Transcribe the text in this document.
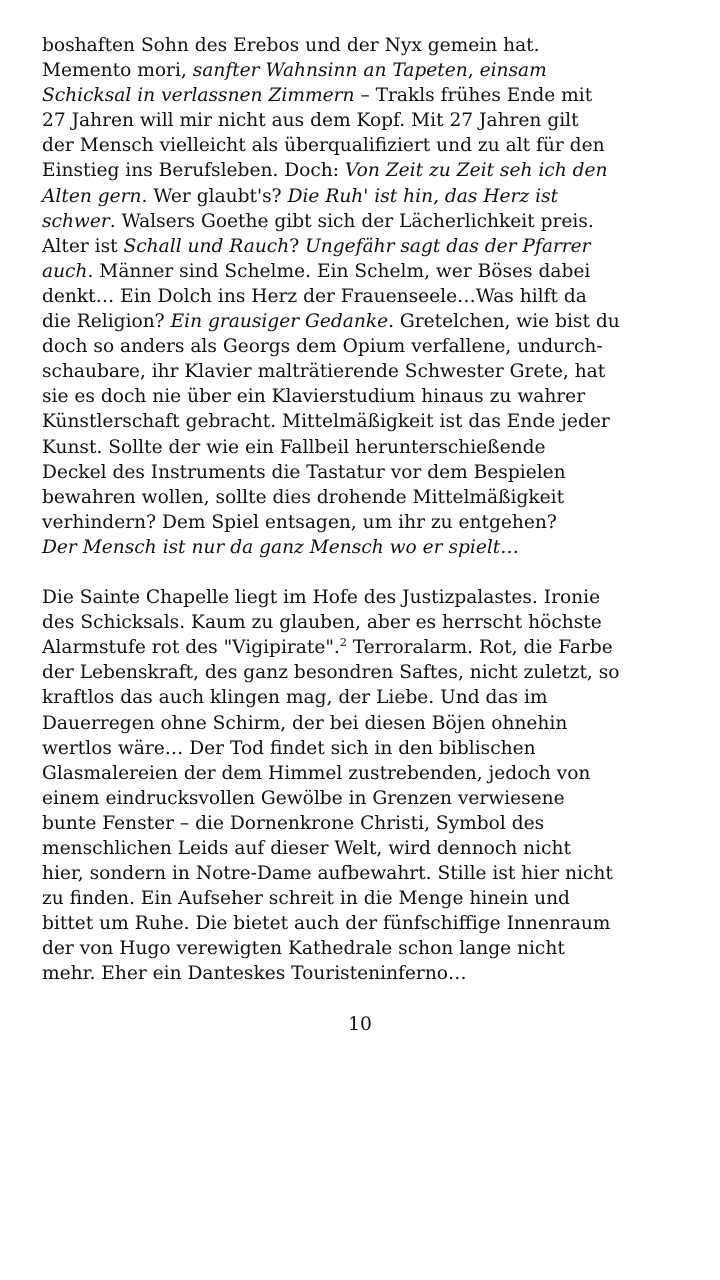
boshaften Sohn des Erebos und der Nyx gemein hat.
Memento mori, sanfter Wahnsinn an Tapeten, einsam
Schicksal in verlassnen Zimmern – Trakls frühes Ende mit
27 Jahren will mir nicht aus dem Kopf. Mit 27 Jahren gilt
der Mensch vielleicht als überqualifiziert und zu alt für den
Einstieg ins Berufsleben. Doch: Von Zeit zu Zeit seh ich den
Alten gern. Wer glaubt's? Die Ruh' ist hin, das Herz ist
schwer. Walsers Goethe gibt sich der Lächerlichkeit preis.
Alter ist Schall und Rauch? Ungefähr sagt das der Pfarrer
auch. Männer sind Schelme. Ein Schelm, wer Böses dabei
denkt… Ein Dolch ins Herz der Frauenseele…Was hilft da
die Religion? Ein grausiger Gedanke. Gretelchen, wie bist du
doch so anders als Georgs dem Opium verfallene, undurch-
schaubare, ihr Klavier malträtierende Schwester Grete, hat
sie es doch nie über ein Klavierstudium hinaus zu wahrer
Künstlerschaft gebracht. Mittelmäßigkeit ist das Ende jeder
Kunst. Sollte der wie ein Fallbeil herunterschießende
Deckel des Instruments die Tastatur vor dem Bespielen
bewahren wollen, sollte dies drohende Mittelmäßigkeit
verhindern? Dem Spiel entsagen, um ihr zu entgehen?
Der Mensch ist nur da ganz Mensch wo er spielt…
Die Sainte Chapelle liegt im Hofe des Justizpalastes. Ironie
des Schicksals. Kaum zu glauben, aber es herrscht höchste
Alarmstufe rot des "Vigipirate".$^2$ Terroralarm. Rot, die Farbe
der Lebenskraft, des ganz besondren Saftes, nicht zuletzt, so
kraftlos das auch klingen mag, der Liebe. Und das im
Dauerregen ohne Schirm, der bei diesen Böjen ohnehin
wertlos wäre… Der Tod findet sich in den biblischen
Glasmalereien der dem Himmel zustrebenden, jedoch von
einem eindrucksvollen Gewölbe in Grenzen verwiesene
bunte Fenster – die Dornenkrone Christi, Symbol des
menschlichen Leids auf dieser Welt, wird dennoch nicht
hier, sondern in Notre-Dame aufbewahrt. Stille ist hier nicht
zu finden. Ein Aufseher schreit in die Menge hinein und
bittet um Ruhe. Die bietet auch der fünfschiffige Innenraum
der von Hugo verewigten Kathedrale schon lange nicht
mehr. Eher ein Danteskes Touristeninferno…
10
